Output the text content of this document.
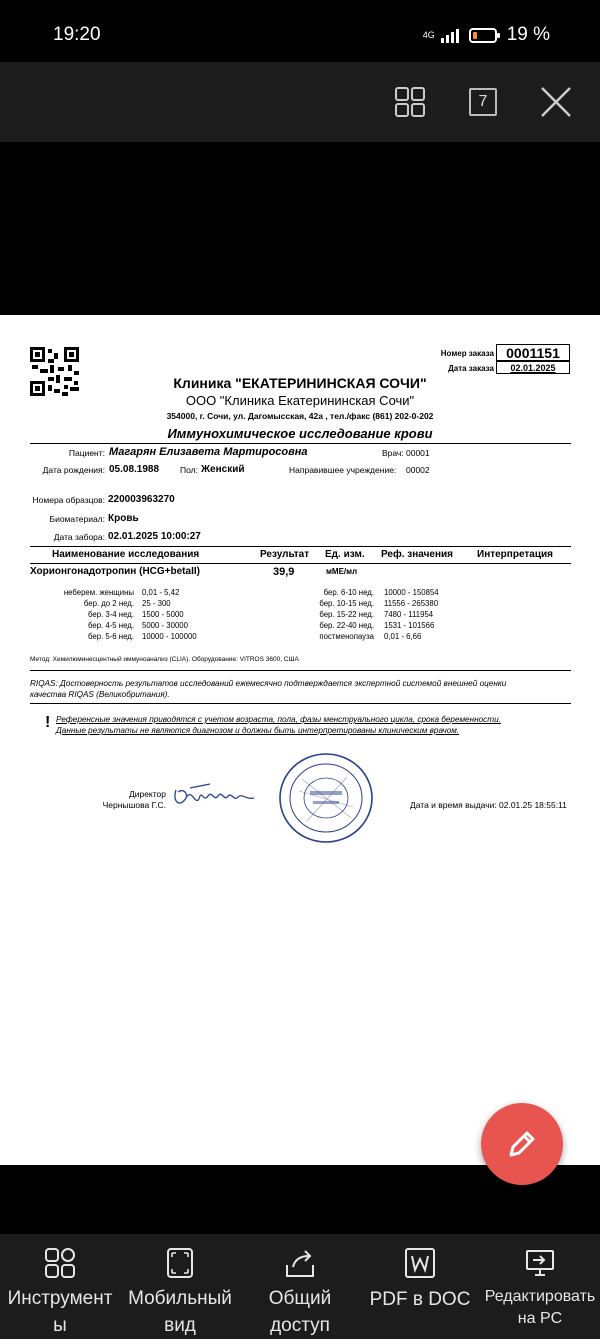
19:20	4G	19 %
7
Номер заказа 0001151
Дата заказа	02.01.2025
Клиника "ЕКАТЕРИНИНСКАЯ СОЧИ"
ООО "Клиника Екатерининская Сочи"
354000, г. Сочи, ул. Дагомысская, 42а , тел./факс (861) 202-0-202
Иммунохимическое исследование крови
Пациент: Магарян Елизавета Мартиросовна	Врач: 00001
Дата рождения: 05.08.1988 Пол: Женский	Направившее учреждение: 00002
Номера образцов: 220003963270
Биоматериал: Кровь
Дата забора: 02.01.2025 10:00:27
Наименование исследования	Результат Ед. изм. Реф. значения Интерпретация
Хорионгонадотропин (HCG+betaII)	39,9	мМЕ/мл
Метод: Хемилюминесцентный иммуноанализ (CLIA). Оборудование: VITROS 3600, США
RIQAS: Достоверность результатов исследований ежемесячно подтверждается экспертной системой внешней оценки
качества RIQAS (Великобритания).
! Референсные значения приводятся с учетом возраста, пола, фазы менструального цикла, срока беременности.
Данные результаты не являются диагнозом и должны быть интерпретированы клиническим врачом.
Директор
Чернышова Г.С.	Дата и время выдачи: 02.01.25 18:55:11
неберем. женщины 0,01 - 5,42
бер. до 2 нед. 25 - 300
бер. 3-4 нед. 1500 - 5000
бер. 4-5 нед. 5000 - 30000
бер. 5-6 нед. 10000 - 100000
бер. 6-10 нед. 10000 - 150854
бер. 10-15 нед. 11556 - 265380
бер. 15-22 нед. 7480 - 111954
бер. 22-40 нед. 1531 - 101566
постменопауза 0,01 - 6,66
Инструмент
ы
Мобильный
вид
Общий
доступ
PDF в DOC Редактировать
на PC
